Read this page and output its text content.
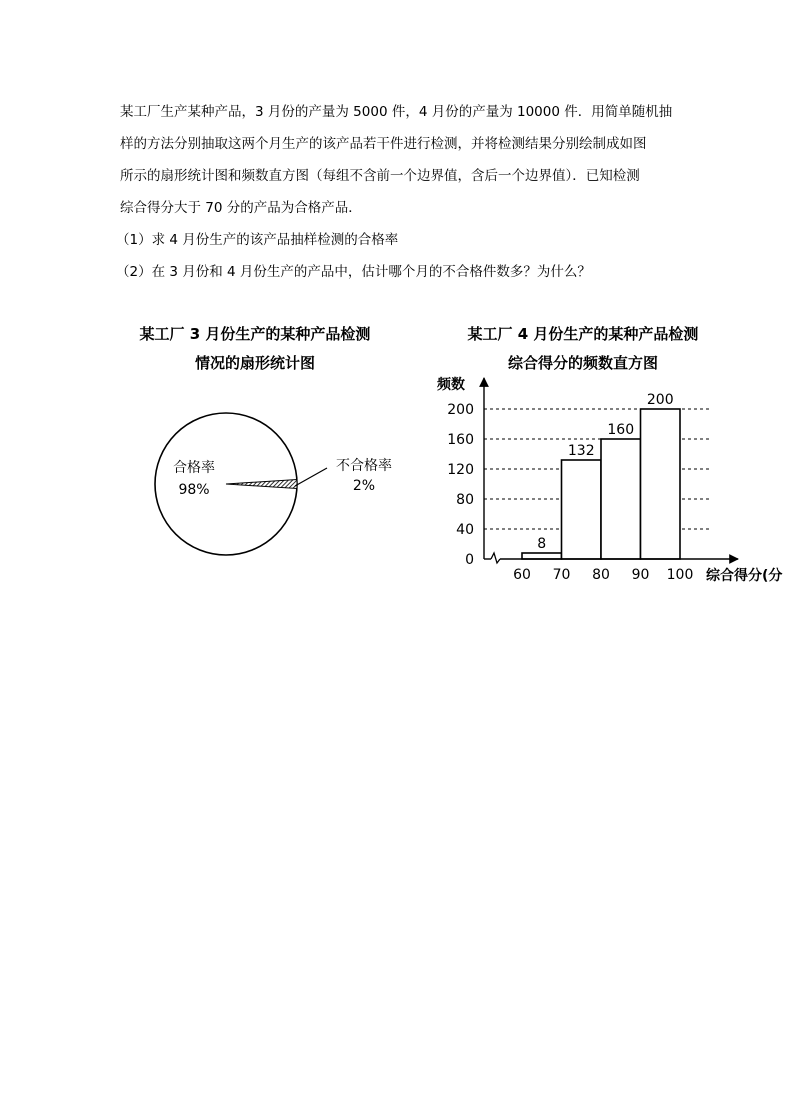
某工厂生产某种产品，3 月份的产量为 5000 件，4 月份的产量为 10000 件．用简单随机抽

样的方法分别抽取这两个月生产的该产品若干件进行检测，并将检测结果分别绘制成如图

所示的扇形统计图和频数直方图（每组不含前一个边界值，含后一个边界值）．已知检测

综合得分大于 70 分的产品为合格产品．

（1）求 4 月份生产的该产品抽样检测的合格率

（2）在 3 月份和 4 月份生产的产品中，估计哪个月的不合格件数多？为什么？

某工厂 3 月份生产的某种产品检测
情况的扇形统计图
合格率
98%
不合格率
2%
某工厂 4 月份生产的某种产品检测
综合得分的频数直方图
0
40
80
120
160
200
60 70 80 90 100
8
132
160
200
频数
综合得分(分
